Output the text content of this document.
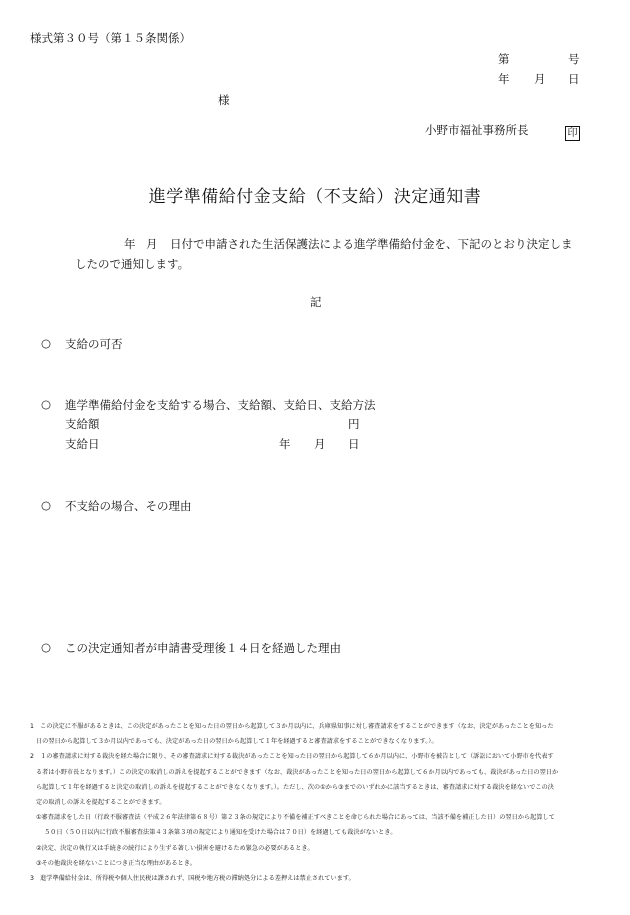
様式第３０号（第１５条関係）
第	号
年 月 日
様
小野市福祉事務所長	印
進学準備給付金支給（不支給）決定通知書
年 月 日付で申請された生活保護法による進学準備給付金を、下記のとおり決定しま
したので通知します。
記
○ 支給の可否
○ 進学準備給付金を支給する場合、支給額、支給日、支給方法
支給額	円
支給日	年 月 日
○ 不支給の場合、その理由
○ この決定通知者が申請書受理後１４日を経過した理由
1　この決定に不服があるときは、この決定があったことを知った日の翌日から起算して３か月以内に、兵庫県知事に対し審査請求をすることができます（なお、決定があったことを知った
日の翌日から起算して３か月以内であっても、決定があった日の翌日から起算して１年を経過すると審査請求をすることができなくなります。）。
2　１の審査請求に対する裁決を経た場合に限り、その審査請求に対する裁決があったことを知った日の翌日から起算して６か月以内に、小野市を被告として（訴訟において小野市を代表す
る者は小野市長となります。）この決定の取消しの訴えを提起することができます（なお、裁決があったことを知った日の翌日から起算して６か月以内であっても、裁決があった日の翌日か
ら起算して１年を経過すると決定の取消しの訴えを提起することができなくなります。）。ただし、次の①から③までのいずれかに該当するときは、審査請求に対する裁決を経ないでこの決
定の取消しの訴えを提起することができます。
①審査請求をした日（行政不服審査法（平成２６年法律第６８号）第２３条の規定により不備を補正すべきことを命じられた場合にあっては、当該不備を補正した日）の翌日から起算して
５０日（５０日以内に行政不服審査法第４３条第３項の規定により通知を受けた場合は７０日）を経過しても裁決がないとき。
②決定、決定の執行又は手続きの続行により生ずる著しい損害を避けるため緊急の必要があるとき。
③その他裁決を経ないことにつき正当な理由があるとき。
3　進学準備給付金は、所得税や個人住民税は課されず、国税や地方税の滞納処分による差押えは禁止されています。
